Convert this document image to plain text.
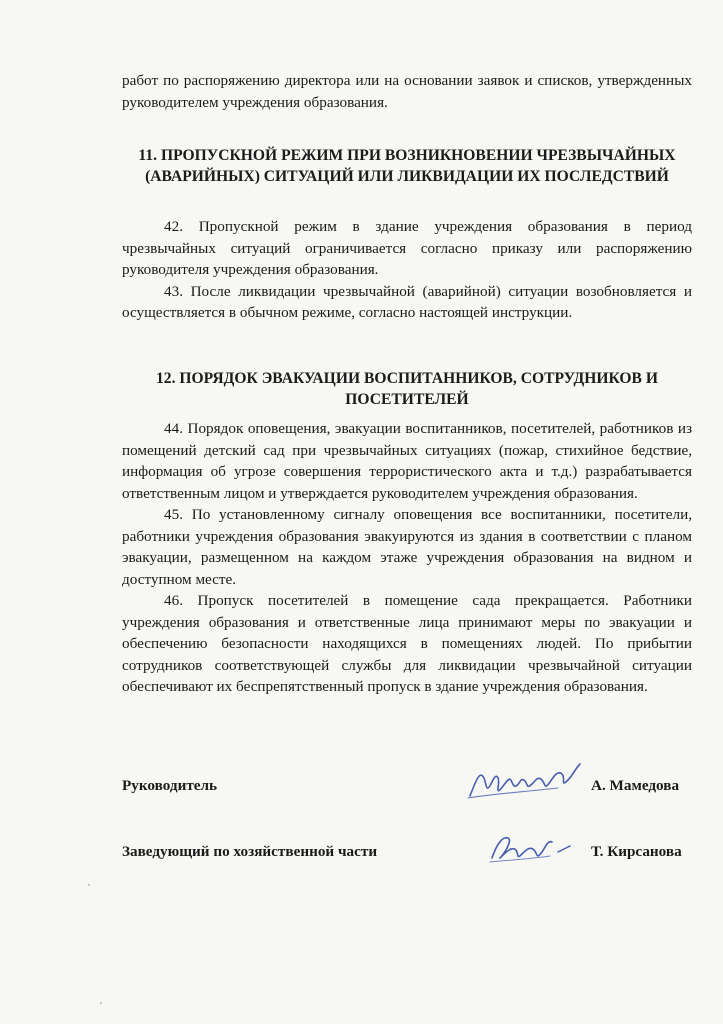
работ по распоряжению директора или на основании заявок и списков, утвержденных руководителем учреждения образования.

11. ПРОПУСКНОЙ РЕЖИМ ПРИ ВОЗНИКНОВЕНИИ ЧРЕЗВЫЧАЙНЫХ (АВАРИЙНЫХ) СИТУАЦИЙ ИЛИ ЛИКВИДАЦИИ ИХ ПОСЛЕДСТВИЙ

42. Пропускной режим в здание учреждения образования в период чрезвычайных ситуаций ограничивается согласно приказу или распоряжению руководителя учреждения образования.

43. После ликвидации чрезвычайной (аварийной) ситуации возобновляется и осуществляется в обычном режиме, согласно настоящей инструкции.

12. ПОРЯДОК ЭВАКУАЦИИ ВОСПИТАННИКОВ, СОТРУДНИКОВ И ПОСЕТИТЕЛЕЙ

44. Порядок оповещения, эвакуации воспитанников, посетителей, работников из помещений детский сад при чрезвычайных ситуациях (пожар, стихийное бедствие, информация об угрозе совершения террористического акта и т.д.) разрабатывается ответственным лицом и утверждается руководителем учреждения образования.

45. По установленному сигналу оповещения все воспитанники, посетители, работники учреждения образования эвакуируются из здания в соответствии с планом эвакуации, размещенном на каждом этаже учреждения образования на видном и доступном месте.

46. Пропуск посетителей в помещение сада прекращается. Работники учреждения образования и ответственные лица принимают меры по эвакуации и обеспечению безопасности находящихся в помещениях людей. По прибытии сотрудников соответствующей службы для ликвидации чрезвычайной ситуации обеспечивают их беспрепятственный пропуск в здание учреждения образования.

Руководитель	А. Мамедова
Заведующий по хозяйственной части	Т. Кирсанова
